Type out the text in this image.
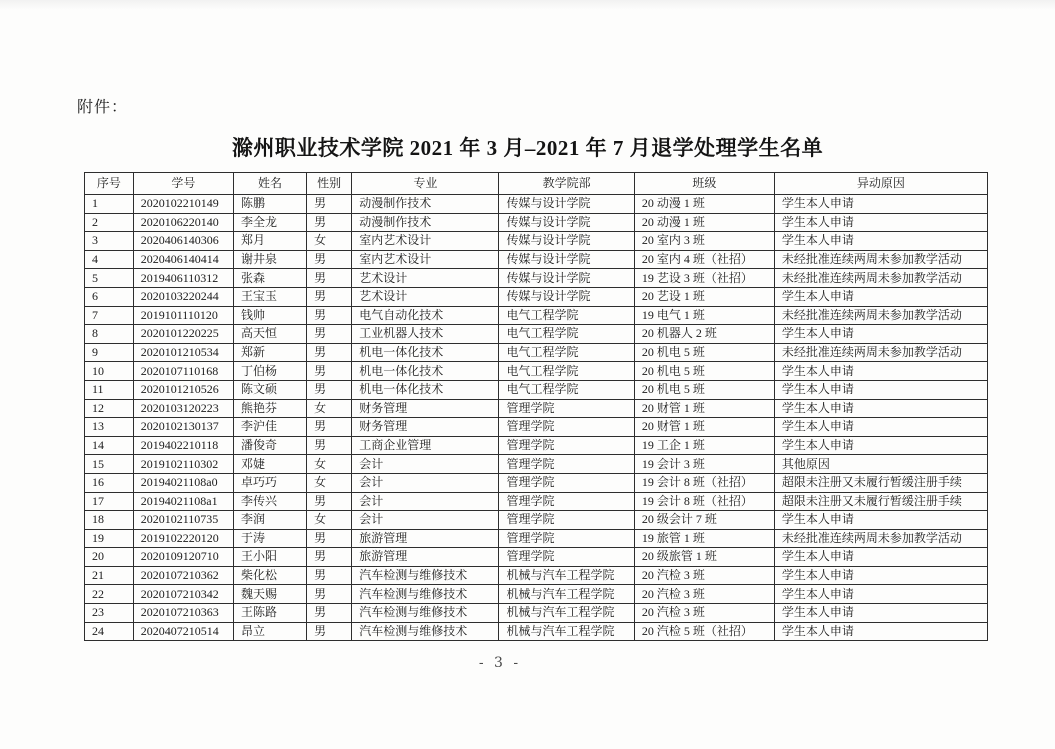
附件：
滁州职业技术学院 2021 年 3 月–2021 年 7 月退学处理学生名单
序号	学号	姓名	性别	专业	教学院部	班级	异动原因
1	2020102210149	陈鹏	男	动漫制作技术	传媒与设计学院	20 动漫 1 班	学生本人申请
2	2020106220140	李全龙	男	动漫制作技术	传媒与设计学院	20 动漫 1 班	学生本人申请
3	2020406140306	郑月	女	室内艺术设计	传媒与设计学院	20 室内 3 班	学生本人申请
4	2020406140414	谢井泉	男	室内艺术设计	传媒与设计学院	20 室内 4 班（社招）	未经批准连续两周未参加教学活动
5	2019406110312	张森	男	艺术设计	传媒与设计学院	19 艺设 3 班（社招）	未经批准连续两周未参加教学活动
6	2020103220244	王宝玉	男	艺术设计	传媒与设计学院	20 艺设 1 班	学生本人申请
7	2019101110120	钱帅	男	电气自动化技术	电气工程学院	19 电气 1 班	未经批准连续两周未参加教学活动
8	2020101220225	高天恒	男	工业机器人技术	电气工程学院	20 机器人 2 班	学生本人申请
9	2020101210534	郑新	男	机电一体化技术	电气工程学院	20 机电 5 班	未经批准连续两周未参加教学活动
10	2020107110168	丁伯杨	男	机电一体化技术	电气工程学院	20 机电 5 班	学生本人申请
11	2020101210526	陈文硕	男	机电一体化技术	电气工程学院	20 机电 5 班	学生本人申请
12	2020103120223	熊艳芬	女	财务管理	管理学院	20 财管 1 班	学生本人申请
13	2020102130137	李沪佳	男	财务管理	管理学院	20 财管 1 班	学生本人申请
14	2019402210118	潘俊奇	男	工商企业管理	管理学院	19 工企 1 班	学生本人申请
15	2019102110302	邓婕	女	会计	管理学院	19 会计 3 班	其他原因
16	20194021108a0	卓巧巧	女	会计	管理学院	19 会计 8 班（社招）	超限未注册又未履行暂缓注册手续
17	20194021108a1	李传兴	男	会计	管理学院	19 会计 8 班（社招）	超限未注册又未履行暂缓注册手续
18	2020102110735	李润	女	会计	管理学院	20 级会计 7 班	学生本人申请
19	2019102220120	于涛	男	旅游管理	管理学院	19 旅管 1 班	未经批准连续两周未参加教学活动
20	2020109120710	王小阳	男	旅游管理	管理学院	20 级旅管 1 班	学生本人申请
21	2020107210362	柴化松	男	汽车检测与维修技术	机械与汽车工程学院	20 汽检 3 班	学生本人申请
22	2020107210342	魏天赐	男	汽车检测与维修技术	机械与汽车工程学院	20 汽检 3 班	学生本人申请
23	2020107210363	王陈路	男	汽车检测与维修技术	机械与汽车工程学院	20 汽检 3 班	学生本人申请
24	2020407210514	昂立	男	汽车检测与维修技术	机械与汽车工程学院	20 汽检 5 班（社招）	学生本人申请
- 3 -
